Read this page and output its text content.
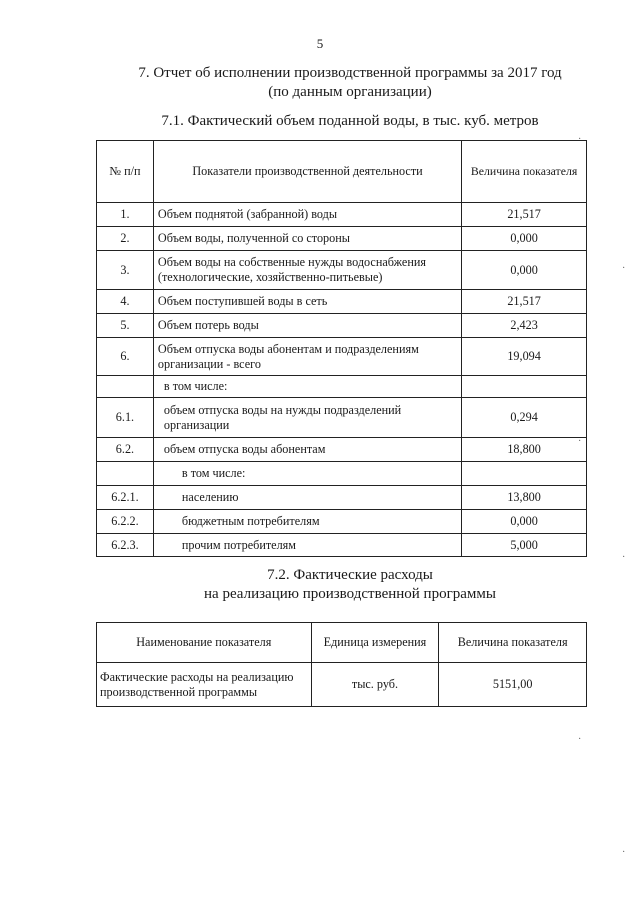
5
7. Отчет об исполнении производственной программы за 2017 год
(по данным организации)
7.1. Фактический объем поданной воды, в тыс. куб. метров
№ п/п	Показатели производственной деятельности	Величина показателя
1.	Объем поднятой (забранной) воды	21,517
2.	Объем воды, полученной со стороны	0,000
3.	Объем воды на собственные нужды водоснабжения (технологические, хозяйственно-питьевые)	0,000
4.	Объем поступившей воды в сеть	21,517
5.	Объем потерь воды	2,423
6.	Объем отпуска воды абонентам и подразделениям организации - всего	19,094
	в том числе:	
6.1.	объем отпуска воды на нужды подразделений организации	0,294
6.2.	объем отпуска воды абонентам	18,800
	в том числе:	
6.2.1.	населению	13,800
6.2.2.	бюджетным потребителям	0,000
6.2.3.	прочим потребителям	5,000
7.2. Фактические расходы
на реализацию производственной программы
Наименование показателя	Единица измерения	Величина показателя
Фактические расходы на реализацию производственной программы	тыс. руб.	5151,00
·
·
·
·
·
·
